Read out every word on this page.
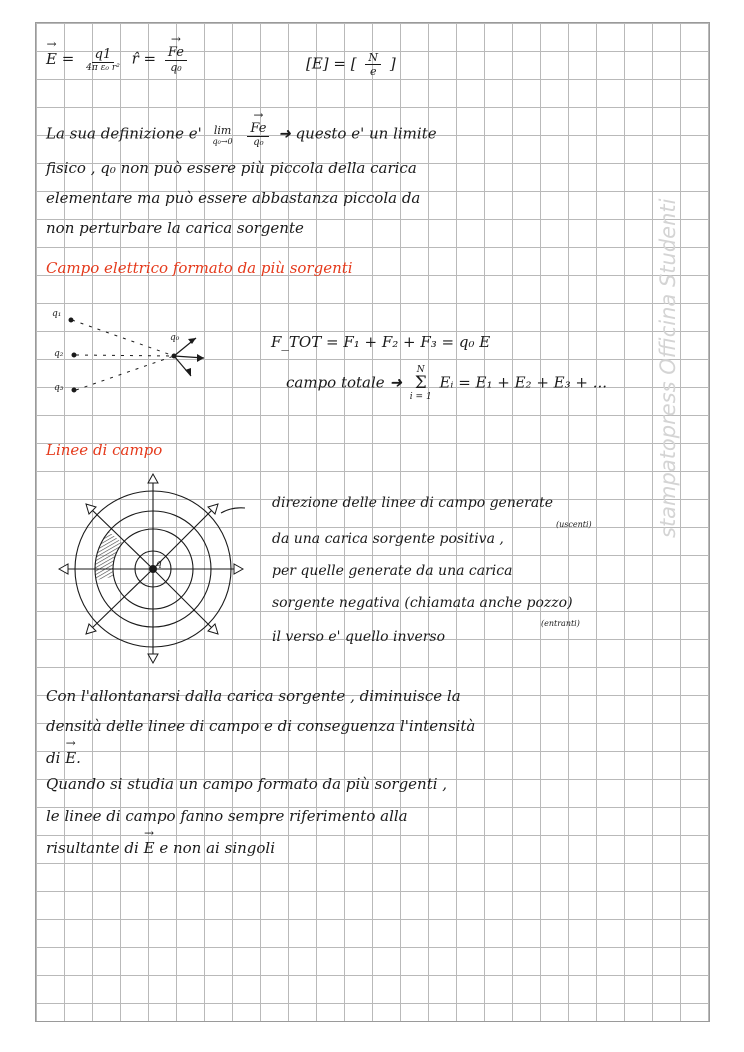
→ $E = \frac{q1}{\text{4π ε₀ r²}}$ r̂ = → $\frac{Fe}{\text{q₀}}$	[E] = [ $\frac{N}{e}$ ]
La sua definizione e' lim
q₀→0
→ $\frac{Fe}{\text{q₀}}$ ➜ questo e' un limite
fisico , q₀ non può essere più piccola della carica
elementare ma può essere abbastanza piccola da
non perturbare la carica sorgente
Campo elettrico formato da più sorgenti
q₁
q₂
q₃
q₀	F_TOT = F₁ + F₂ + F₃ = q₀ E
campo totale ➜
N
Σ
i = 1
Eᵢ = E₁ + E₂ + E₃ + ...
Linee di campo
q
direzione delle linee di campo generate
(uscenti)
da una carica sorgente positiva ,
per quelle generate da una carica
sorgente negativa (chiamata anche pozzo)
(entranti)
il verso e' quello inverso
Con l'allontanarsi dalla carica sorgente , diminuisce la
densità delle linee di campo e di conseguenza l'intensità
di → E.
Quando si studia un campo formato da più sorgenti ,
le linee di campo fanno sempre riferimento alla
risultante di → E e non ai singoli
stampatopress Officina Studenti
